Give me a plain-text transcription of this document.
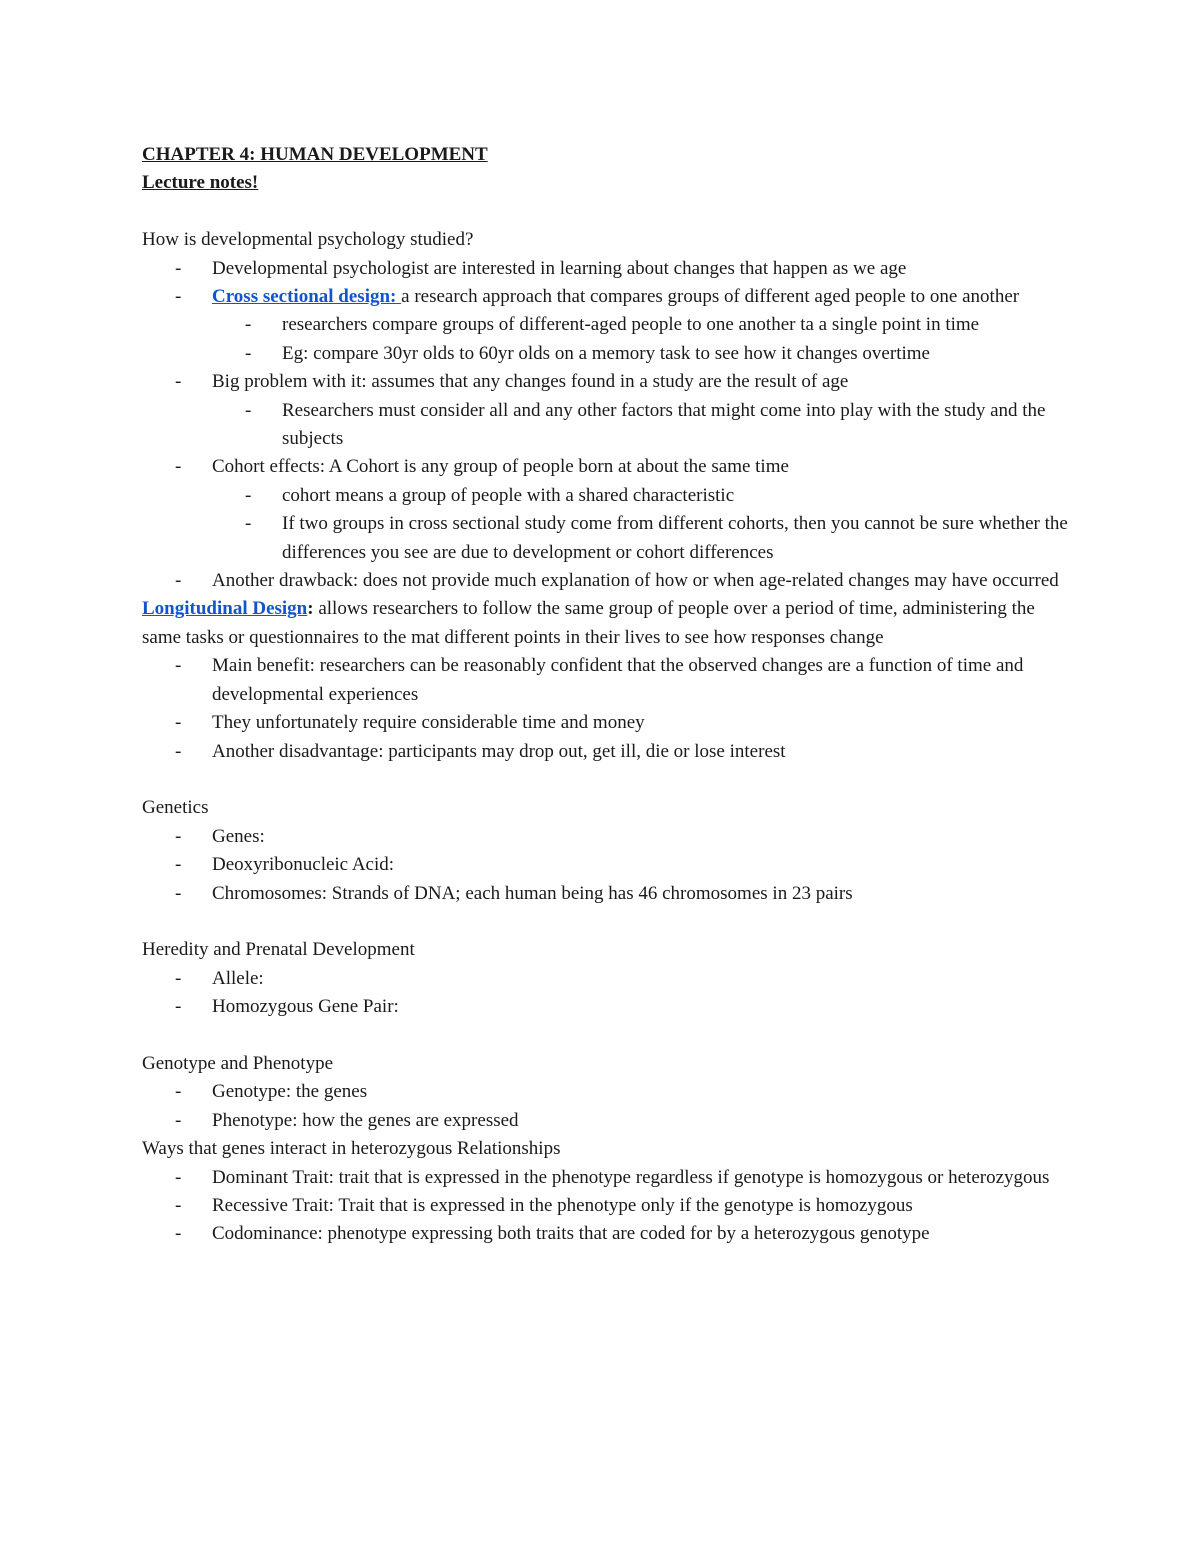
CHAPTER 4: HUMAN DEVELOPMENT

Lecture notes!

How is developmental psychology studied?

- Developmental psychologist are interested in learning about changes that happen as we age
- Cross sectional design: a research approach that compares groups of different aged people to one another
- researchers compare groups of different-aged people to one another ta a single point in time
- Eg: compare 30yr olds to 60yr olds on a memory task to see how it changes overtime
- Big problem with it: assumes that any changes found in a study are the result of age
- Researchers must consider all and any other factors that might come into play with the study and the subjects
- Cohort effects: A Cohort is any group of people born at about the same time
- cohort means a group of people with a shared characteristic
- If two groups in cross sectional study come from different cohorts, then you cannot be sure whether the differences you see are due to development or cohort differences
- Another drawback: does not provide much explanation of how or when age-related changes may have occurred

Longitudinal Design: allows researchers to follow the same group of people over a period of time, administering the same tasks or questionnaires to the mat different points in their lives to see how responses change

- Main benefit: researchers can be reasonably confident that the observed changes are a function of time and developmental experiences
- They unfortunately require considerable time and money
- Another disadvantage: participants may drop out, get ill, die or lose interest

Genetics

- Genes:
- Deoxyribonucleic Acid:
- Chromosomes: Strands of DNA; each human being has 46 chromosomes in 23 pairs

Heredity and Prenatal Development

- Allele:
- Homozygous Gene Pair:

Genotype and Phenotype

- Genotype: the genes
- Phenotype: how the genes are expressed

Ways that genes interact in heterozygous Relationships

- Dominant Trait: trait that is expressed in the phenotype regardless if genotype is homozygous or heterozygous
- Recessive Trait: Trait that is expressed in the phenotype only if the genotype is homozygous
- Codominance: phenotype expressing both traits that are coded for by a heterozygous genotype
